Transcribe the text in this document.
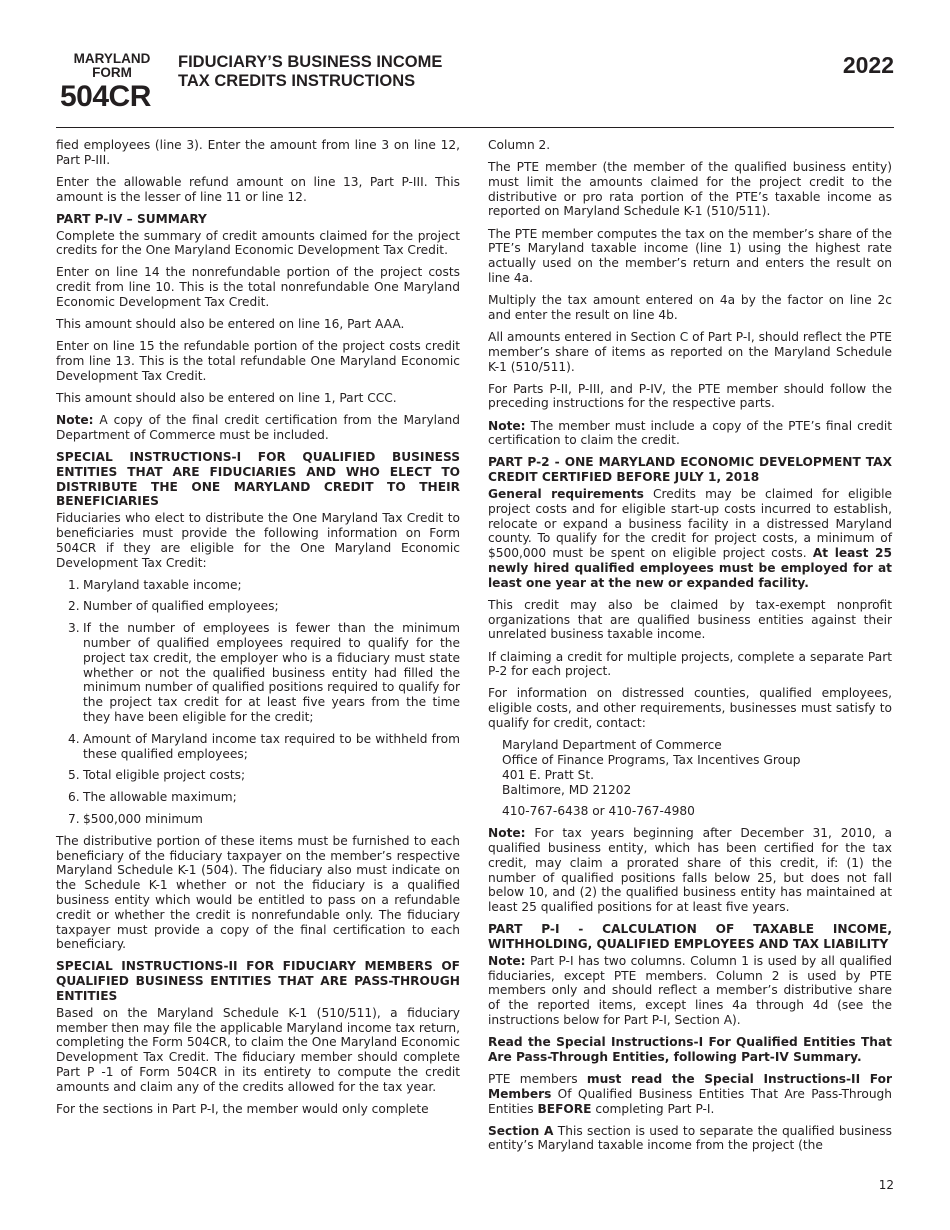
MARYLAND
FORM
504CR
FIDUCIARY’S BUSINESS INCOME
TAX CREDITS INSTRUCTIONS
2022

fied employees (line 3). Enter the amount from line 3 on line 12, Part P-III.

Enter the allowable refund amount on line 13, Part P-III. This amount is the lesser of line 11 or line 12.

PART P-IV – SUMMARY

Complete the summary of credit amounts claimed for the project credits for the One Maryland Economic Development Tax Credit.

Enter on line 14 the nonrefundable portion of the project costs credit from line 10. This is the total nonrefundable One Maryland Economic Development Tax Credit.

This amount should also be entered on line 16, Part AAA.

Enter on line 15 the refundable portion of the project costs credit from line 13. This is the total refundable One Maryland Economic Development Tax Credit.

This amount should also be entered on line 1, Part CCC.

Note: A copy of the final credit certification from the Maryland Department of Commerce must be included.

SPECIAL INSTRUCTIONS-I FOR QUALIFIED BUSINESS ENTITIES THAT ARE FIDUCIARIES AND WHO ELECT TO DISTRIBUTE THE ONE MARYLAND CREDIT TO THEIR BENEFICIARIES

Fiduciaries who elect to distribute the One Maryland Tax Credit to beneficiaries must provide the following information on Form 504CR if they are eligible for the One Maryland Economic Development Tax Credit:

1. Maryland taxable income;
2. Number of qualified employees;
3. If the number of employees is fewer than the minimum number of qualified employees required to qualify for the project tax credit, the employer who is a fiduciary must state whether or not the qualified business entity had filled the minimum number of qualified positions required to qualify for the project tax credit for at least five years from the time they have been eligible for the credit;
4. Amount of Maryland income tax required to be withheld from these qualified employees;
5. Total eligible project costs;
6. The allowable maximum;
7. $500,000 minimum

The distributive portion of these items must be furnished to each beneficiary of the fiduciary taxpayer on the member’s respective Maryland Schedule K-1 (504). The fiduciary also must indicate on the Schedule K-1 whether or not the fiduciary is a qualified business entity which would be entitled to pass on a refundable credit or whether the credit is nonrefundable only. The fiduciary taxpayer must provide a copy of the final certification to each beneficiary.

SPECIAL INSTRUCTIONS-II FOR FIDUCIARY MEMBERS OF QUALIFIED BUSINESS ENTITIES THAT ARE PASS-THROUGH ENTITIES

Based on the Maryland Schedule K-1 (510/511), a fiduciary member then may file the applicable Maryland income tax return, completing the Form 504CR, to claim the One Maryland Economic Development Tax Credit. The fiduciary member should complete Part P -1 of Form 504CR in its entirety to compute the credit amounts and claim any of the credits allowed for the tax year.

For the sections in Part P-I, the member would only complete

Column 2.

The PTE member (the member of the qualified business entity) must limit the amounts claimed for the project credit to the distributive or pro rata portion of the PTE’s taxable income as reported on Maryland Schedule K-1 (510/511).

The PTE member computes the tax on the member’s share of the PTE’s Maryland taxable income (line 1) using the highest rate actually used on the member’s return and enters the result on line 4a.

Multiply the tax amount entered on 4a by the factor on line 2c and enter the result on line 4b.

All amounts entered in Section C of Part P-I, should reflect the PTE member’s share of items as reported on the Maryland Schedule K-1 (510/511).

For Parts P-II, P-III, and P-IV, the PTE member should follow the preceding instructions for the respective parts.

Note: The member must include a copy of the PTE’s final credit certification to claim the credit.

PART P-2 - ONE MARYLAND ECONOMIC DEVELOPMENT TAX CREDIT CERTIFIED BEFORE JULY 1, 2018

General requirements Credits may be claimed for eligible project costs and for eligible start-up costs incurred to establish, relocate or expand a business facility in a distressed Maryland county. To qualify for the credit for project costs, a minimum of $500,000 must be spent on eligible project costs. At least 25 newly hired qualified employees must be employed for at least one year at the new or expanded facility.

This credit may also be claimed by tax-exempt nonprofit organizations that are qualified business entities against their unrelated business taxable income.

If claiming a credit for multiple projects, complete a separate Part P-2 for each project.

For information on distressed counties, qualified employees, eligible costs, and other requirements, businesses must satisfy to qualify for credit, contact:

Maryland Department of Commerce
Office of Finance Programs, Tax Incentives Group
401 E. Pratt St.
Baltimore, MD 21202
410-767-6438 or 410-767-4980

Note: For tax years beginning after December 31, 2010, a qualified business entity, which has been certified for the tax credit, may claim a prorated share of this credit, if: (1) the number of qualified positions falls below 25, but does not fall below 10, and (2) the qualified business entity has maintained at least 25 qualified positions for at least five years.

PART P-I - CALCULATION OF TAXABLE INCOME, WITHHOLDING, QUALIFIED EMPLOYEES AND TAX LIABILITY

Note: Part P-I has two columns. Column 1 is used by all qualified fiduciaries, except PTE members. Column 2 is used by PTE members only and should reflect a member’s distributive share of the reported items, except lines 4a through 4d (see the instructions below for Part P-I, Section A).

Read the Special Instructions-I For Qualified Entities That Are Pass-Through Entities, following Part-IV Summary.

PTE members must read the Special Instructions-II For Members Of Qualified Business Entities That Are Pass-Through Entities BEFORE completing Part P-I.

Section A This section is used to separate the qualified business entity’s Maryland taxable income from the project (the

12
